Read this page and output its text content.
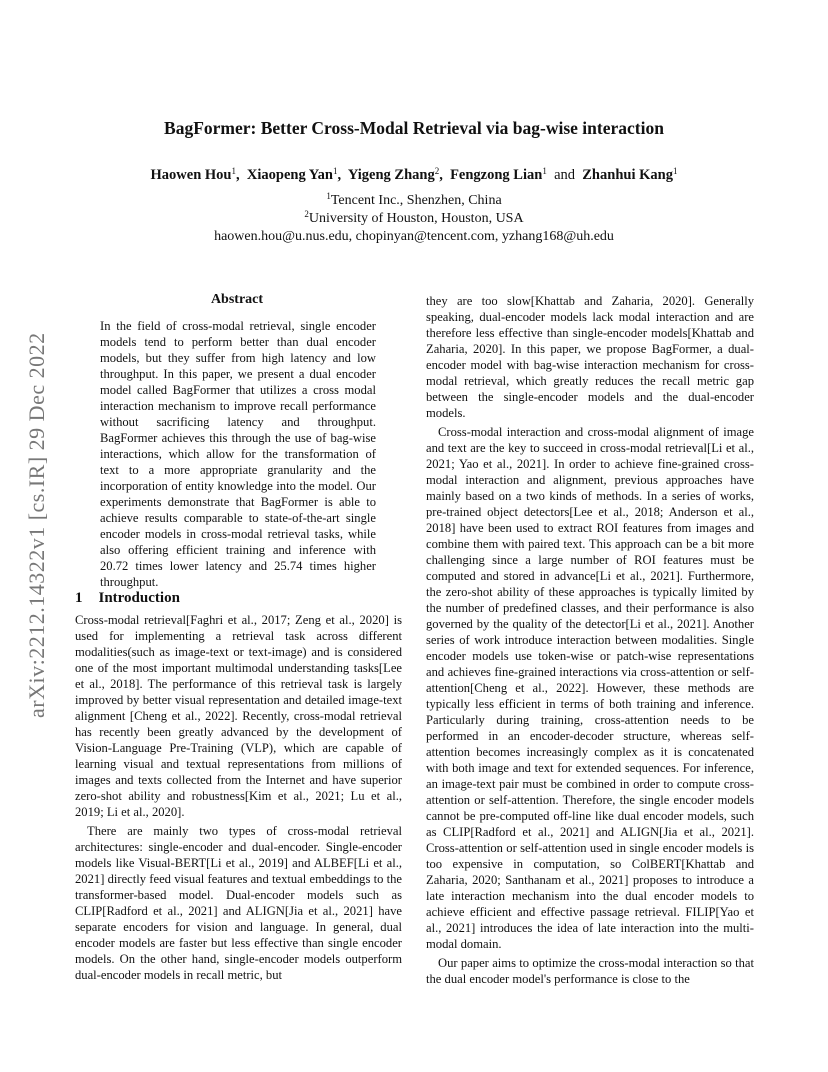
BagFormer: Better Cross-Modal Retrieval via bag-wise interaction
Haowen Hou$^1$, Xiaopeng Yan$^1$, Yigeng Zhang$^2$, Fengzong Lian$^1$ and Zhanhui Kang$^1$
$^1$Tencent Inc., Shenzhen, China
$^2$University of Houston, Houston, USA
haowen.hou@u.nus.edu, chopinyan@tencent.com, yzhang168@uh.edu
arXiv:2212.14322v1 [cs.IR] 29 Dec 2022
Abstract
In the field of cross-modal retrieval, single encoder models tend to perform better than dual encoder models, but they suffer from high latency and low throughput. In this paper, we present a dual encoder model called BagFormer that utilizes a cross modal interaction mechanism to improve recall performance without sacrificing latency and throughput. BagFormer achieves this through the use of bag-wise interactions, which allow for the transformation of text to a more appropriate granularity and the incorporation of entity knowledge into the model. Our experiments demonstrate that BagFormer is able to achieve results comparable to state-of-the-art single encoder models in cross-modal retrieval tasks, while also offering efficient training and inference with 20.72 times lower latency and 25.74 times higher throughput.
1 Introduction

Cross-modal retrieval[Faghri et al., 2017; Zeng et al., 2020] is used for implementing a retrieval task across different modalities(such as image-text or text-image) and is considered one of the most important multimodal understanding tasks[Lee et al., 2018]. The performance of this retrieval task is largely improved by better visual representation and detailed image-text alignment [Cheng et al., 2022]. Recently, cross-modal retrieval has recently been greatly advanced by the development of Vision-Language Pre-Training (VLP), which are capable of learning visual and textual representations from millions of images and texts collected from the Internet and have superior zero-shot ability and robustness[Kim et al., 2021; Lu et al., 2019; Li et al., 2020].

There are mainly two types of cross-modal retrieval architectures: single-encoder and dual-encoder. Single-encoder models like Visual-BERT[Li et al., 2019] and ALBEF[Li et al., 2021] directly feed visual features and textual embeddings to the transformer-based model. Dual-encoder models such as CLIP[Radford et al., 2021] and ALIGN[Jia et al., 2021] have separate encoders for vision and language. In general, dual encoder models are faster but less effective than single encoder models. On the other hand, single-encoder models outperform dual-encoder models in recall metric, but

they are too slow[Khattab and Zaharia, 2020]. Generally speaking, dual-encoder models lack modal interaction and are therefore less effective than single-encoder models[Khattab and Zaharia, 2020]. In this paper, we propose BagFormer, a dual-encoder model with bag-wise interaction mechanism for cross-modal retrieval, which greatly reduces the recall metric gap between the single-encoder models and the dual-encoder models.

Cross-modal interaction and cross-modal alignment of image and text are the key to succeed in cross-modal retrieval[Li et al., 2021; Yao et al., 2021]. In order to achieve fine-grained cross-modal interaction and alignment, previous approaches have mainly based on a two kinds of methods. In a series of works, pre-trained object detectors[Lee et al., 2018; Anderson et al., 2018] have been used to extract ROI features from images and combine them with paired text. This approach can be a bit more challenging since a large number of ROI features must be computed and stored in advance[Li et al., 2021]. Furthermore, the zero-shot ability of these approaches is typically limited by the number of predefined classes, and their performance is also governed by the quality of the detector[Li et al., 2021]. Another series of work introduce interaction between modalities. Single encoder models use token-wise or patch-wise representations and achieves fine-grained interactions via cross-attention or self-attention[Cheng et al., 2022]. However, these methods are typically less efficient in terms of both training and inference. Particularly during training, cross-attention needs to be performed in an encoder-decoder structure, whereas self-attention becomes increasingly complex as it is concatenated with both image and text for extended sequences. For inference, an image-text pair must be combined in order to compute cross-attention or self-attention. Therefore, the single encoder models cannot be pre-computed off-line like dual encoder models, such as CLIP[Radford et al., 2021] and ALIGN[Jia et al., 2021]. Cross-attention or self-attention used in single encoder models is too expensive in computation, so ColBERT[Khattab and Zaharia, 2020; Santhanam et al., 2021] proposes to introduce a late interaction mechanism into the dual encoder models to achieve efficient and effective passage retrieval. FILIP[Yao et al., 2021] introduces the idea of late interaction into the multi-modal domain.

Our paper aims to optimize the cross-modal interaction so that the dual encoder model's performance is close to the
